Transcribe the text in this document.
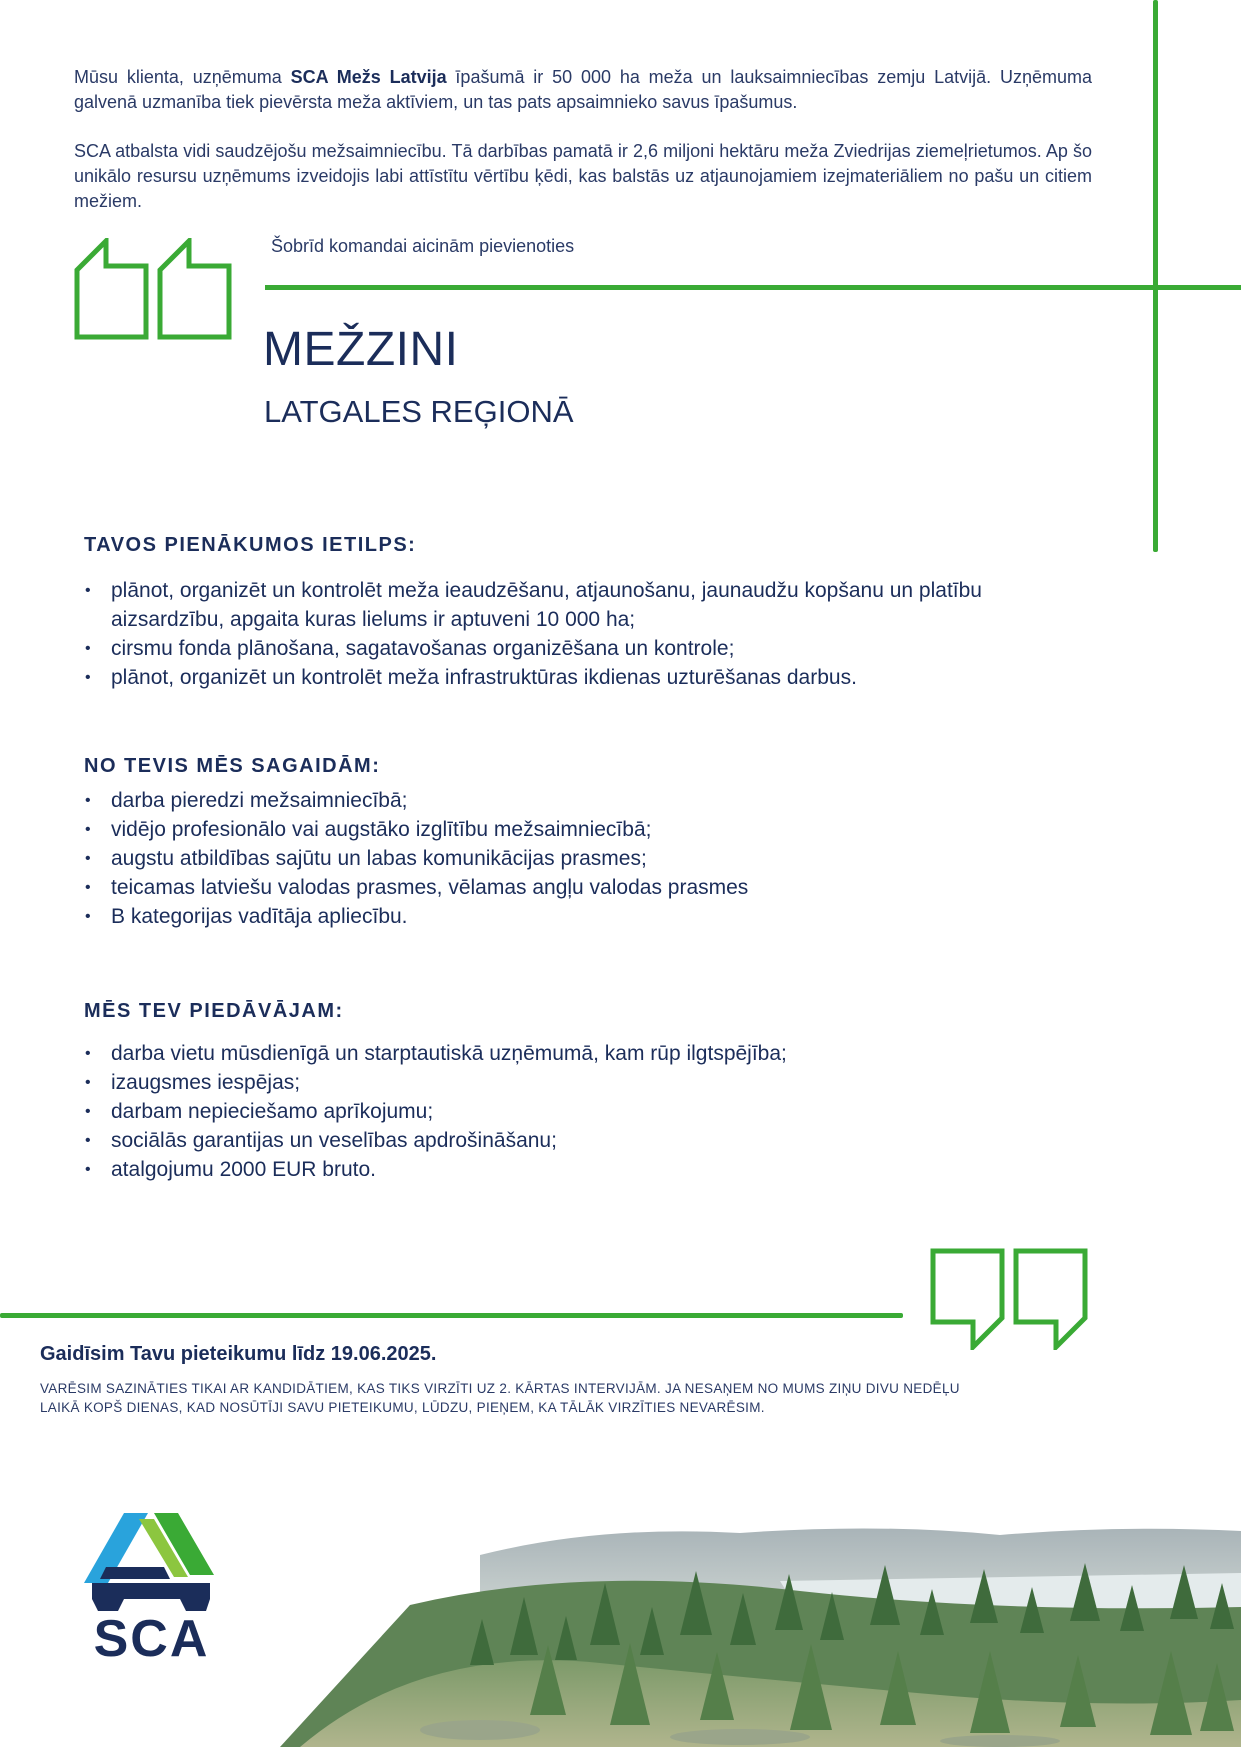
Mūsu klienta, uzņēmuma SCA Mežs Latvija īpašumā ir 50 000 ha meža un lauksaimniecības zemju Latvijā. Uzņēmuma galvenā uzmanība tiek pievērsta meža aktīviem, un tas pats apsaimnieko savus īpašumus.

SCA atbalsta vidi saudzējošu mežsaimniecību. Tā darbības pamatā ir 2,6 miljoni hektāru meža Zviedrijas ziemeļrietumos. Ap šo unikālo resursu uzņēmums izveidojis labi attīstītu vērtību ķēdi, kas balstās uz atjaunojamiem izejmateriāliem no pašu un citiem mežiem.

Šobrīd komandai aicinām pievienoties
MEŽZINI
LATGALES REĢIONĀ
TAVOS PIENĀKUMOS IETILPS:
• plānot, organizēt un kontrolēt meža ieaudzēšanu, atjaunošanu, jaunaudžu kopšanu un platību aizsardzību, apgaita kuras lielums ir aptuveni 10 000 ha;
• cirsmu fonda plānošana, sagatavošanas organizēšana un kontrole;
• plānot, organizēt un kontrolēt meža infrastruktūras ikdienas uzturēšanas darbus.
NO TEVIS MĒS SAGAIDĀM:
• darba pieredzi mežsaimniecībā;
• vidējo profesionālo vai augstāko izglītību mežsaimniecībā;
• augstu atbildības sajūtu un labas komunikācijas prasmes;
• teicamas latviešu valodas prasmes, vēlamas angļu valodas prasmes
• B kategorijas vadītāja apliecību.
MĒS TEV PIEDĀVĀJAM:
• darba vietu mūsdienīgā un starptautiskā uzņēmumā, kam rūp ilgtspējība;
• izaugsmes iespējas;
• darbam nepieciešamo aprīkojumu;
• sociālās garantijas un veselības apdrošināšanu;
• atalgojumu 2000 EUR bruto.
Gaidīsim Tavu pieteikumu līdz 19.06.2025.
VARĒSIM SAZINĀTIES TIKAI AR KANDIDĀTIEM, KAS TIKS VIRZĪTI UZ 2. KĀRTAS INTERVIJĀM. JA NESAŅEM NO MUMS ZIŅU DIVU NEDĒĻU LAIKĀ KOPŠ DIENAS, KAD NOSŪTĪJI SAVU PIETEIKUMU, LŪDZU, PIEŅEM, KA TĀLĀK VIRZĪTIES NEVARĒSIM.
SCA
